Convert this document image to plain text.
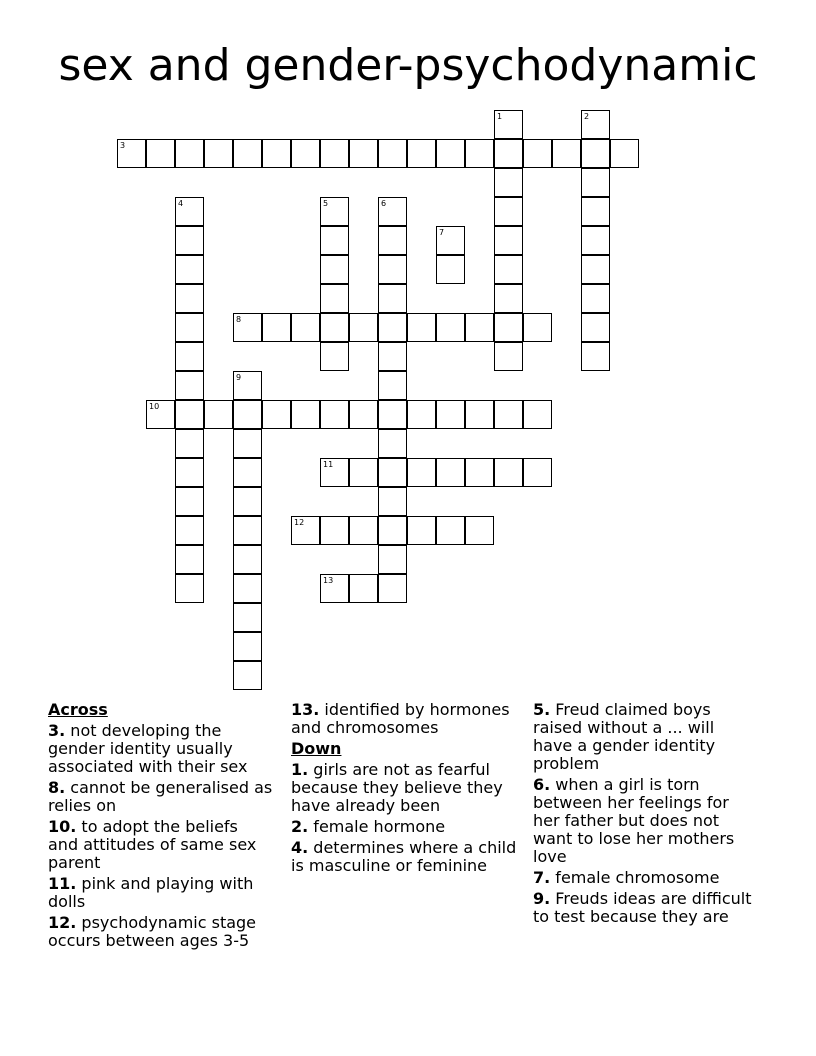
sex and gender-psychodynamic
1	2
3
4	5	6
7
8
9
10
11
12
13
Across
3. not developing the gender identity usually associated with their sex
8. cannot be generalised as relies on
10. to adopt the beliefs and attitudes of same sex parent
11. pink and playing with dolls
12. psychodynamic stage occurs between ages 3-5
13. identified by hormones and chromosomes
Down
1. girls are not as fearful because they believe they have already been
2. female hormone
4. determines where a child is masculine or feminine
5. Freud claimed boys raised without a ... will have a gender identity problem
6. when a girl is torn between her feelings for her father but does not want to lose her mothers love
7. female chromosome
9. Freuds ideas are difficult to test because they are
